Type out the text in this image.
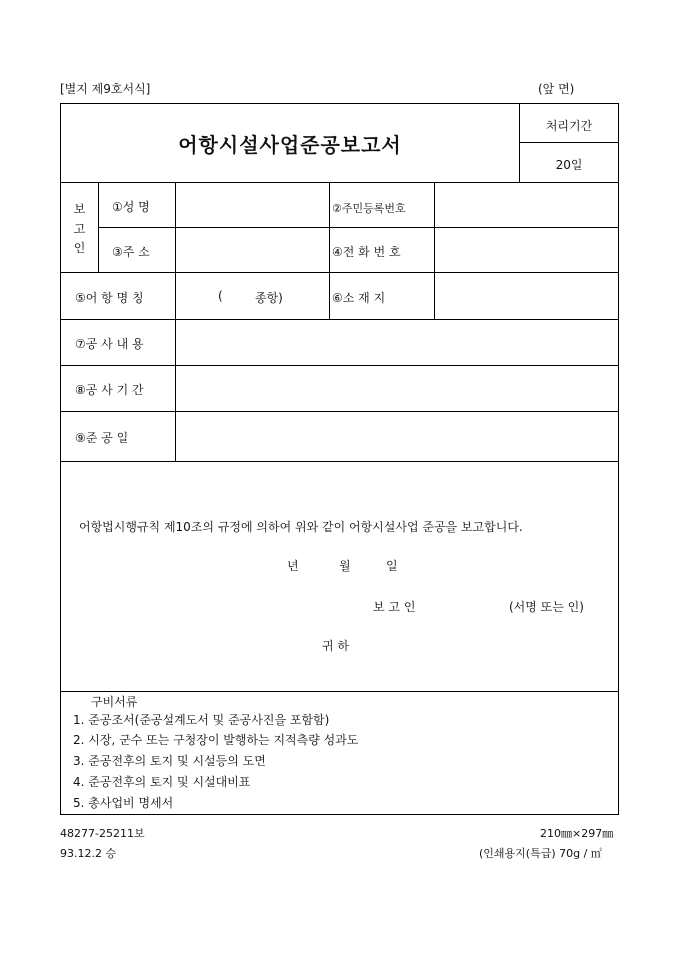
[별지 제9호서식]	(앞 면)
어항시설사업준공보고서
처리기간
20일
보
고
인
①성 명	②주민등록번호
③주 소	④전 화 번 호
⑤어 항 명 칭	(	종항)	⑥소 재 지
⑦공 사 내 용
⑧공 사 기 간
⑨준 공 일
어항법시행규칙 제10조의 규정에 의하여 위와 같이 어항시설사업 준공을 보고합니다.
년	월	일
보 고 인	(서명 또는 인)
귀 하
구비서류
1. 준공조서(준공설계도서 및 준공사진을 포함함)
2. 시장, 군수 또는 구청장이 발행하는 지적측량 성과도
3. 준공전후의 토지 및 시설등의 도면
4. 준공전후의 토지 및 시설대비표
5. 총사업비 명세서
48277-25211보
93.12.2 승
210㎜×297㎜
(인쇄용지(특급) 70g / ㎡
